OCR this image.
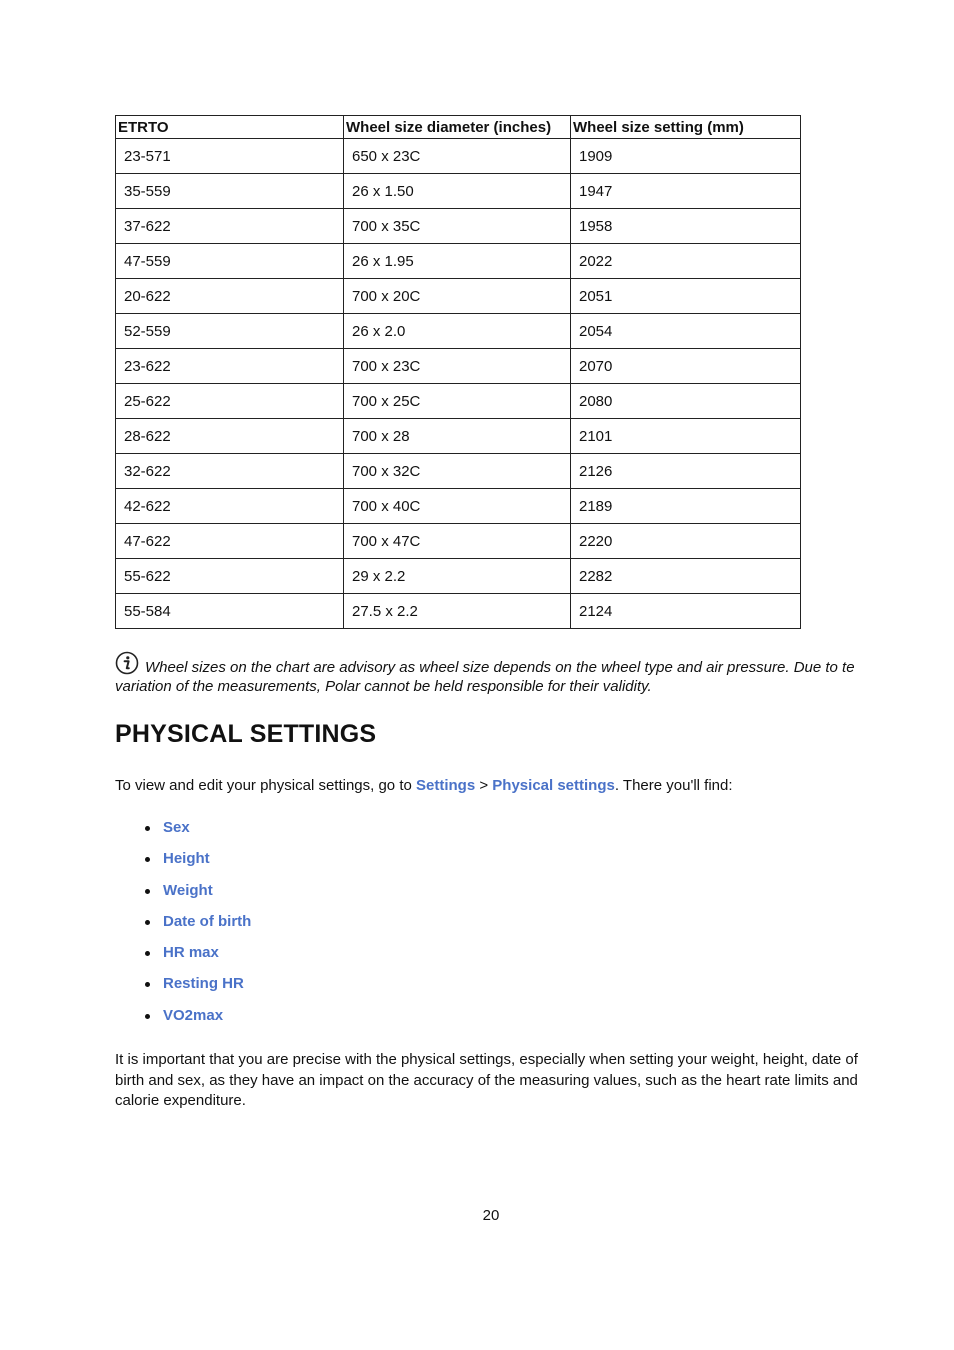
ETRTO	Wheel size diameter (inches)	Wheel size setting (mm)
23-571	650 x 23C	1909
35-559	26 x 1.50	1947
37-622	700 x 35C	1958
47-559	26 x 1.95	2022
20-622	700 x 20C	2051
52-559	26 x 2.0	2054
23-622	700 x 23C	2070
25-622	700 x 25C	2080
28-622	700 x 28	2101
32-622	700 x 32C	2126
42-622	700 x 40C	2189
47-622	700 x 47C	2220
55-622	29 x 2.2	2282
55-584	27.5 x 2.2	2124
Wheel sizes on the chart are advisory as wheel size depends on the wheel type and air pressure. Due to te variation of the measurements, Polar cannot be held responsible for their validity.
PHYSICAL SETTINGS

To view and edit your physical settings, go to Settings > Physical settings. There you'll find:

Sex
Height
Weight
Date of birth
HR max
Resting HR
VO2max

It is important that you are precise with the physical settings, especially when setting your weight, height, date of birth and sex, as they have an impact on the accuracy of the measuring values, such as the heart rate limits and calorie expenditure.

20
